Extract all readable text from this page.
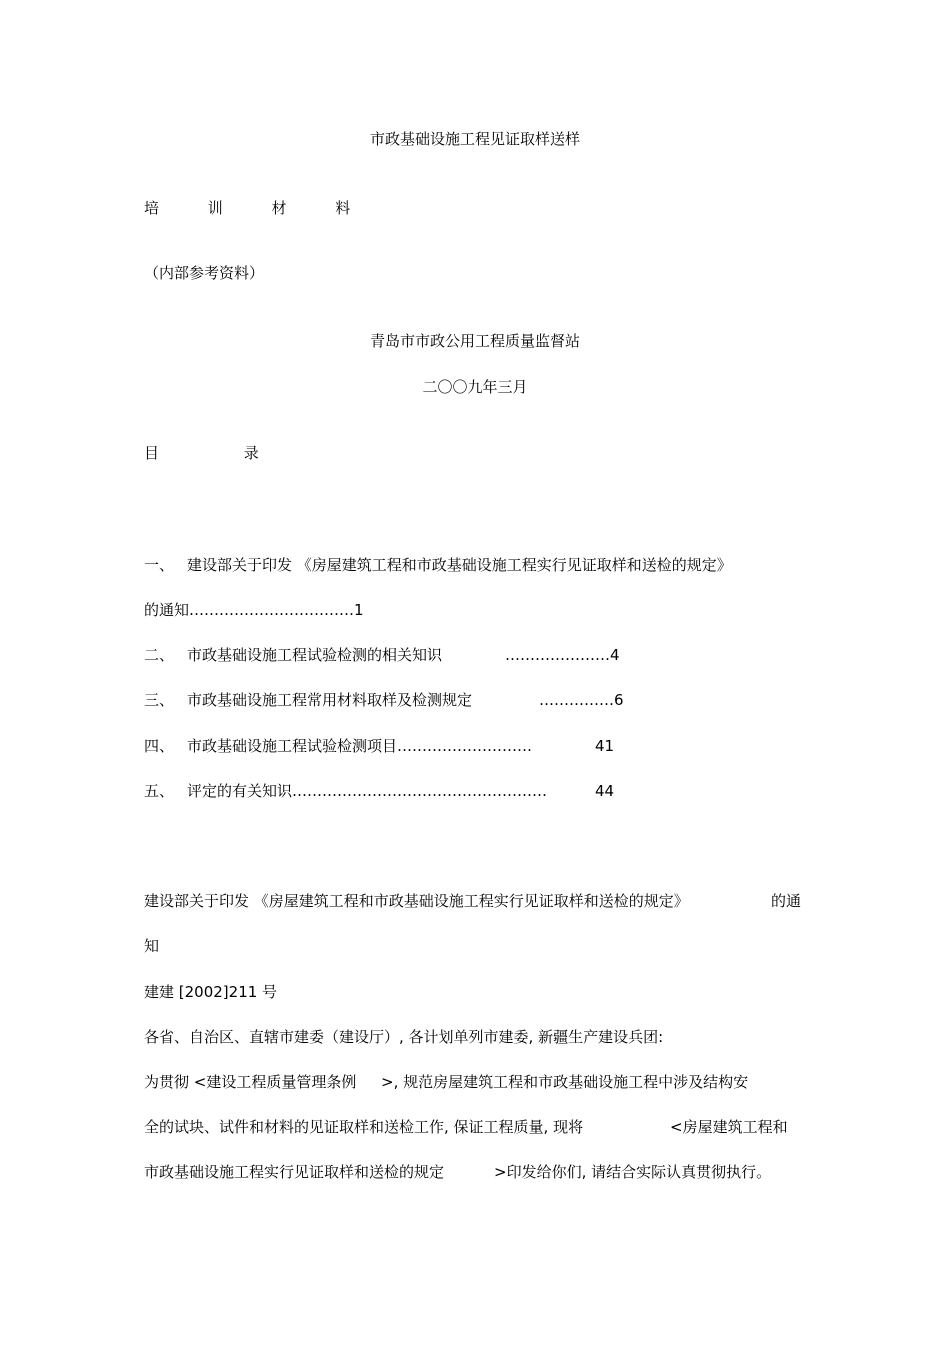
市政基础设施工程见证取样送样
培 训 材 料
（内部参考资料）
青岛市市政公用工程质量监督站
二〇〇九年三月
目 录
一、 建设部关于印发 《房屋建筑工程和市政基础设施工程实行见证取样和送检的规定》
的通知……………………………1
二、 市政基础设施工程试验检测的相关知识	…………………4
三、 市政基础设施工程常用材料取样及检测规定	……………6
四、 市政基础设施工程试验检测项目………………………	41
五、 评定的有关知识……………………………………………	44
建设部关于印发 《房屋建筑工程和市政基础设施工程实行见证取样和送检的规定》	的通
知
建建 [2002]211 号
各省、自治区、直辖市建委（建设厅）, 各计划单列市建委, 新疆生产建设兵团:
为贯彻 <建设工程质量管理条例 >, 规范房屋建筑工程和市政基础设施工程中涉及结构安
全的试块、试件和材料的见证取样和送检工作, 保证工程质量, 现将	<房屋建筑工程和
市政基础设施工程实行见证取样和送检的规定	>印发给你们, 请结合实际认真贯彻执行。
